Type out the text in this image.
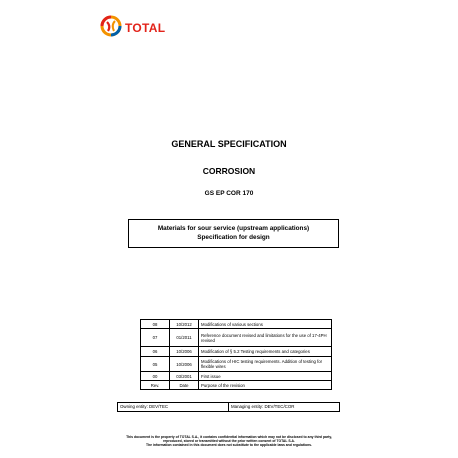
TOTAL
GENERAL SPECIFICATION
CORROSION
GS EP COR 170
Materials for sour service (upstream applications)
Specification for design
08	10/2012	Modifications of various sections
07	01/2011	Reference document revised and limitations for the use of 17-4PH revised
06	10/2006	Modification of § 5.2 Testing requirements and categories
05	10/2006	Modifications of HIC testing requirements. Addition of testing for flexible wires
00	03/2001	First issue
Rev.	Date	Purpose of the revision
Owning entity: DEV/TEC	Managing entity: DEV/TEC/COR
This document is the property of TOTAL S.A., it contains confidential information which may not be disclosed to any third party,
reproduced, stored or transmitted without the prior written consent of TOTAL S.A.
The information contained in this document does not substitute to the applicable laws and regulations.
